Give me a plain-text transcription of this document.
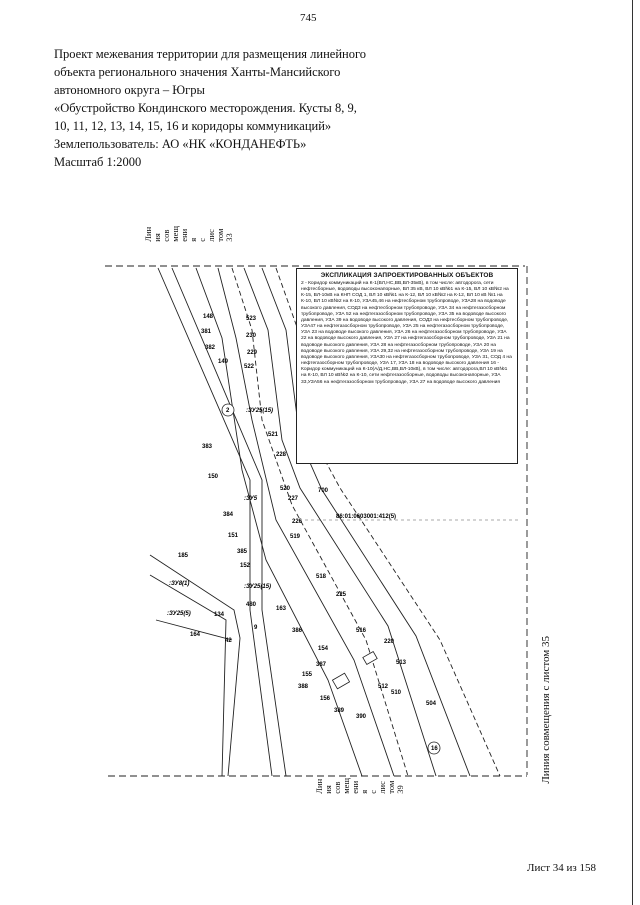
745
Проект межевания территории для размещения линейного
объекта регионального значения Ханты-Мансийского
автономного округа – Югры
«Обустройство Кондинского месторождения. Кусты 8, 9,
10, 11, 12, 13, 14, 15, 16 и коридоры коммуникаций»
Землепользователь: АО «НК «КОНДАНЕФТЬ»
Масштаб 1:2000
148
381
382
149
523
230
229
522
521
228
383
150
520
227
700
226
519
384
151
385
152
185
518
225
480
134
9
163
386
164
42
516
220
154
513
387
155
512
388
510
156
389
390
504
:ЗУ25(15)
:ЗУ5
:ЗУ8(1)
:ЗУ25(5)
:ЗУ25(15)
2
16
86:01:0603001:412(5)
ЭКСПЛИКАЦИЯ ЗАПРОЕКТИРОВАННЫХ ОБЪЕКТОВ
2 - Коридор коммуникаций на К-1(ВЛ,НС,ВВ,ВЛ-35кВ), в том числе: автодорога, сети нефтесборные, водоводы высоконапорные, ВЛ 35 кВ, ВЛ 10 кВ№1 на К-15, ВЛ 10 кВ№2 на К-15, ВЛ-10кВ на КНП СОД 1, ВЛ 10 кВ№1 на К-12, ВЛ 10 кВ№2 на К-12, ВЛ 10 кВ №1 на К-10, ВЛ 10 кВ№2 на К-10, УЗА45,46 на нефтесборном трубопроводе, УЗА28 на водоводе высокого давления, СОД3 на нефтесборном трубопроводе, УЗА 34 на нефтегазосборном трубопроводе, УЗА 52 на нефтегазосборном трубопроводе, УЗА 35 на водоводе высокого давления, УЗА 39 на водоводе высокого давления, СОД3 на нефтесборном трубопроводе, УЗА47 на нефтегазосборном трубопроводе, УЗА 25 на нефтегазосборном трубопроводе, УЗА 23 на водоводе высокого давления, УЗА 26 на нефтегазосборном трубопроводе, УЗА 22 на водоводе высокого давления, УЗА 27 на нефтегазосборном трубопроводе, УЗА 21 на водоводе высокого давления, УЗА 28 на нефтегазосборном трубопроводе, УЗА 20 на водоводе высокого давления, УЗА 29,32 на нефтегазосборном трубопроводе, УЗА 19 на водоводе высокого давления, УЗА30 на нефтегазосборном трубопроводе, УЗА 31, СОД 4 на нефтегазосборном трубопроводе, УЗА 17, УЗА 18 на водоводе высокого давления 16 - Коридор коммуникаций на К-10(А/Д,НС,ВВ,ВЛ-10кВ), в том числе: автодорога,ВЛ 10 кВ№1 на К-10, ВЛ 10 кВ№2 на К-10, сети нефтегазосборные, водоводы высоконапорные, УЗА 33,УЗА56 на нефтегазосборном трубопроводе, УЗА 27 на водоводе высокого давления
Лин
ия
сов
мещ
ени
я
с
лис
том
33
Лин
ия
сов
мещ
ени
я
с
лис
том
39
Линия совмещения с листом 35
Лист 34 из 158
